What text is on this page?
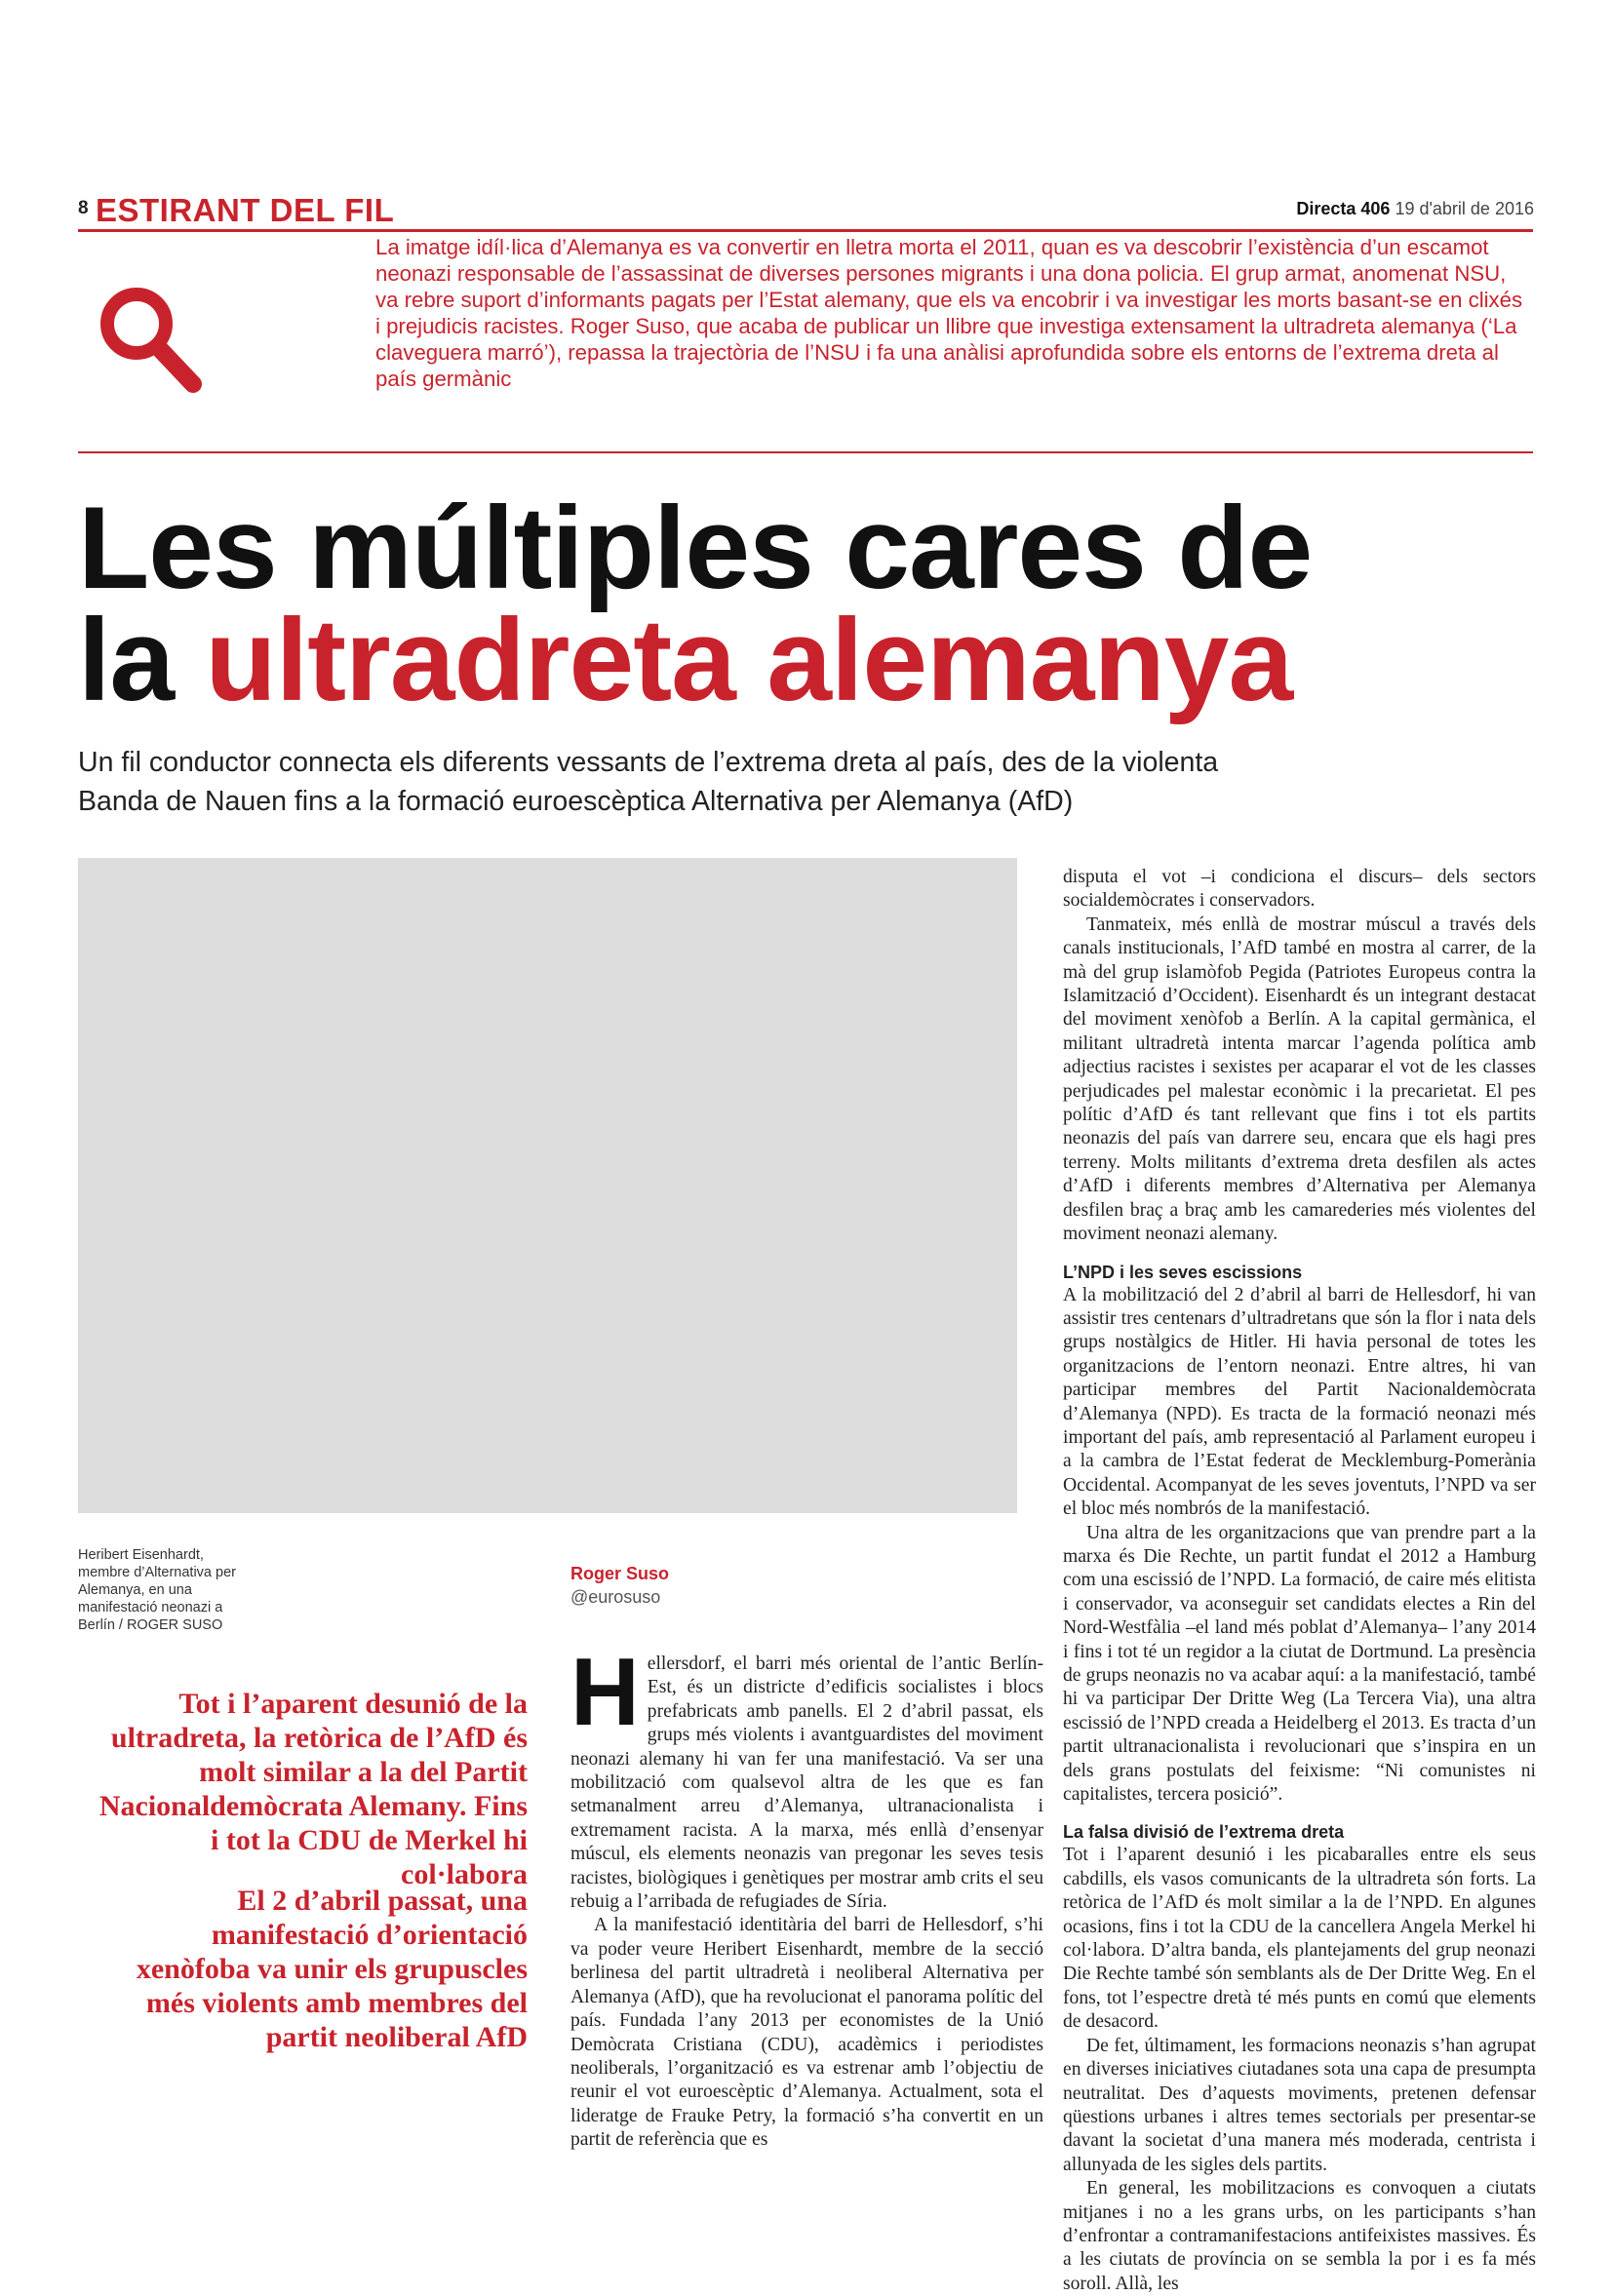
8 ESTIRANT DEL FIL	Directa 406 19 d'abril de 2016
La imatge idíl·lica d’Alemanya es va convertir en lletra morta el 2011, quan es va descobrir l’existència d’un escamot neonazi responsable de l’assassinat de diverses persones migrants i una dona policia. El grup armat, anomenat NSU, va rebre suport d’informants pagats per l’Estat alemany, que els va encobrir i va investigar les morts basant-se en clixés i prejudicis racistes. Roger Suso, que acaba de publicar un llibre que investiga extensament la ultradreta alemanya (‘La claveguera marró’), repassa la trajectòria de l’NSU i fa una anàlisi aprofundida sobre els entorns de l’extrema dreta al país germànic
Les múltiples cares de
la ultradreta alemanya
Un fil conductor connecta els diferents vessants de l’extrema dreta al país, des de la violenta Banda de Nauen fins a la formació euroescèptica Alternativa per Alemanya (AfD)
Heribert Eisenhardt, membre d’Alternativa per Alemanya, en una manifestació neonazi a Berlín / ROGER SUSO
Roger Suso
@eurosuso
Tot i l’aparent desunió de la ultradreta, la retòrica de l’AfD és molt similar a la del Partit Nacionaldemòcrata Alemany. Fins i tot la CDU de Merkel hi col·labora
El 2 d’abril passat, una manifestació d’orientació xenòfoba va unir els grupuscles més violents amb membres del partit neoliberal AfD

Hellersdorf, el barri més oriental de l’antic Berlín-Est, és un districte d’edificis socialistes i blocs prefabricats amb panells. El 2 d’abril passat, els grups més violents i avantguardistes del moviment neonazi alemany hi van fer una manifestació. Va ser una mobilització com qualsevol altra de les que es fan setmanalment arreu d’Alemanya, ultranacionalista i extremament racista. A la marxa, més enllà d’ensenyar múscul, els elements neonazis van pregonar les seves tesis racistes, biològiques i genètiques per mostrar amb crits el seu rebuig a l’arribada de refugiades de Síria.

A la manifestació identitària del barri de Hellesdorf, s’hi va poder veure Heribert Eisenhardt, membre de la secció berlinesa del partit ultradretà i neoliberal Alternativa per Alemanya (AfD), que ha revolucionat el panorama polític del país. Fundada l’any 2013 per economistes de la Unió Demòcrata Cristiana (CDU), acadèmics i periodistes neoliberals, l’organització es va estrenar amb l’objectiu de reunir el vot euroescèptic d’Alemanya. Actualment, sota el lideratge de Frauke Petry, la formació s’ha convertit en un partit de referència que es

disputa el vot –i condiciona el discurs– dels sectors socialdemòcrates i conservadors.

Tanmateix, més enllà de mostrar múscul a través dels canals institucionals, l’AfD també en mostra al carrer, de la mà del grup islamòfob Pegida (Patriotes Europeus contra la Islamització d’Occident). Eisenhardt és un integrant destacat del moviment xenòfob a Berlín. A la capital germànica, el militant ultradretà intenta marcar l’agenda política amb adjectius racistes i sexistes per acaparar el vot de les classes perjudicades pel malestar econòmic i la precarietat. El pes polític d’AfD és tant rellevant que fins i tot els partits neonazis del país van darrere seu, encara que els hagi pres terreny. Molts militants d’extrema dreta desfilen als actes d’AfD i diferents membres d’Alternativa per Alemanya desfilen braç a braç amb les camarederies més violentes del moviment neonazi alemany.

L’NPD i les seves escissions

A la mobilització del 2 d’abril al barri de Hellesdorf, hi van assistir tres centenars d’ultradretans que són la flor i nata dels grups nostàlgics de Hitler. Hi havia personal de totes les organitzacions de l’entorn neonazi. Entre altres, hi van participar membres del Partit Nacionaldemòcrata d’Alemanya (NPD). Es tracta de la formació neonazi més important del país, amb representació al Parlament europeu i a la cambra de l’Estat federat de Mecklemburg-Pomerània Occidental. Acompanyat de les seves joventuts, l’NPD va ser el bloc més nombrós de la manifestació.

Una altra de les organitzacions que van prendre part a la marxa és Die Rechte, un partit fundat el 2012 a Hamburg com una escissió de l’NPD. La formació, de caire més elitista i conservador, va aconseguir set candidats electes a Rin del Nord-Westfàlia –el land més poblat d’Alemanya– l’any 2014 i fins i tot té un regidor a la ciutat de Dortmund. La presència de grups neonazis no va acabar aquí: a la manifestació, també hi va participar Der Dritte Weg (La Tercera Via), una altra escissió de l’NPD creada a Heidelberg el 2013. Es tracta d’un partit ultranacionalista i revolucionari que s’inspira en un dels grans postulats del feixisme: “Ni comunistes ni capitalistes, tercera posició”.

La falsa divisió de l’extrema dreta

Tot i l’aparent desunió i les picabaralles entre els seus cabdills, els vasos comunicants de la ultradreta són forts. La retòrica de l’AfD és molt similar a la de l’NPD. En algunes ocasions, fins i tot la CDU de la cancellera Angela Merkel hi col·labora. D’altra banda, els plantejaments del grup neonazi Die Rechte també són semblants als de Der Dritte Weg. En el fons, tot l’espectre dretà té més punts en comú que elements de desacord.

De fet, últimament, les formacions neonazis s’han agrupat en diverses iniciatives ciutadanes sota una capa de presumpta neutralitat. Des d’aquests moviments, pretenen defensar qüestions urbanes i altres temes sectorials per presentar-se davant la societat d’una manera més moderada, centrista i allunyada de les sigles dels partits.

En general, les mobilitzacions es convoquen a ciutats mitjanes i no a les grans urbs, on les participants s’han d’enfrontar a contramanifestacions antifeixistes massives. És a les ciutats de província on se sembla la por i es fa més soroll. Allà, les
